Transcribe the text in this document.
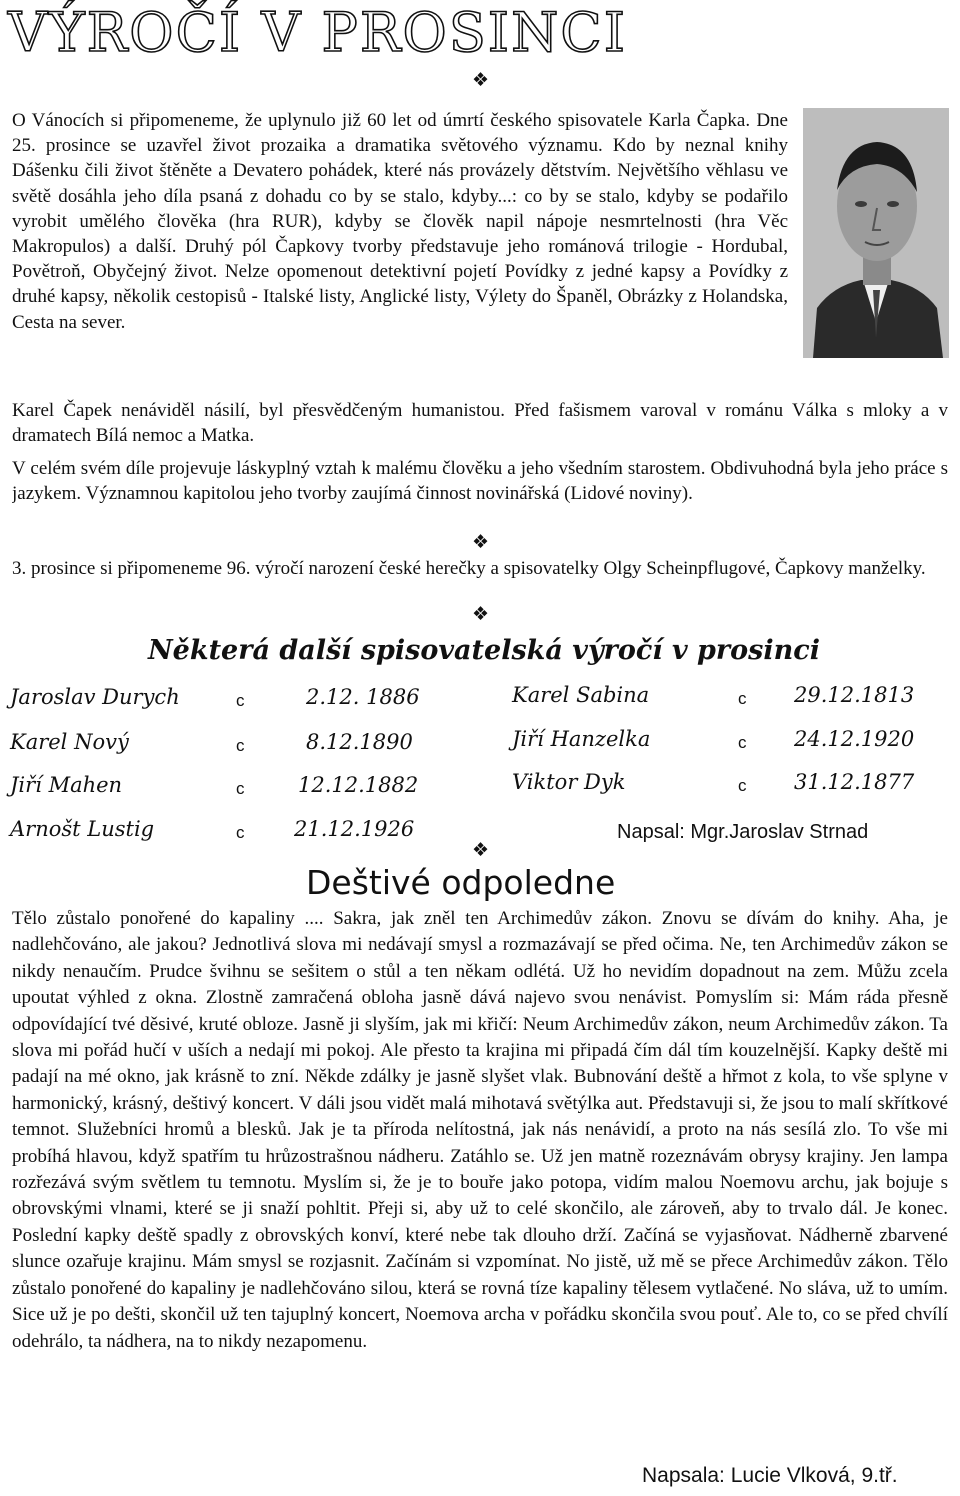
VÝROČÍ V PROSINCI
❖

O Vánocích si připomeneme, že uplynulo již 60 let od úmrtí českého spisovatele Karla Čapka. Dne 25. prosince se uzavřel život prozaika a dramatika světového významu. Kdo by neznal knihy Dášenku čili život štěněte a Devatero pohádek, které nás provázely dětstvím. Největšího věhlasu ve světě dosáhla jeho díla psaná z dohadu co by se stalo, kdyby...: co by se stalo, kdyby se podařilo vyrobit umělého člověka (hra RUR), kdyby se člověk napil nápoje nesmrtelnosti (hra Věc Makropulos) a další. Druhý pól Čapkovy tvorby představuje jeho románová trilogie - Hordubal, Povětroň, Obyčejný život. Nelze opomenout detektivní pojetí Povídky z jedné kapsy a Povídky z druhé kapsy, několik cestopisů - Italské listy, Anglické listy, Výlety do Španěl, Obrázky z Holandska, Cesta na sever.

Karel Čapek nenáviděl násilí, byl přesvědčeným humanistou. Před fašismem varoval v románu Válka s mloky a v dramatech Bílá nemoc a Matka.

V celém svém díle projevuje láskyplný vztah k malému člověku a jeho všedním starostem. Obdivuhodná byla jeho práce s jazykem. Významnou kapitolou jeho tvorby zaujímá činnost novinářská (Lidové noviny).

❖

3. prosince si připomeneme 96. výročí narození české herečky a spisovatelky Olgy Scheinpflugové, Čapkovy manželky.

❖
Některá další spisovatelská výročí v prosinci
Jaroslav Durych	c	2.12. 1886
Karel Nový	c	8.12.1890
Jiří Mahen	c	12.12.1882
Arnošt Lustig	c 21.12.1926
Karel Sabina	c 29.12.1813
Jiří Hanzelka	c 24.12.1920
Viktor Dyk	c 31.12.1877
Napsal: Mgr.Jaroslav Strnad
❖
Deštivé odpoledne

Tělo zůstalo ponořené do kapaliny .... Sakra, jak zněl ten Archimedův zákon. Znovu se dívám do knihy. Aha, je nadlehčováno, ale jakou? Jednotlivá slova mi nedávají smysl a rozmazávají se před očima. Ne, ten Archimedův zákon se nikdy nenaučím. Prudce švihnu se sešitem o stůl a ten někam odlétá. Už ho nevidím dopadnout na zem. Můžu zcela upoutat výhled z okna. Zlostně zamračená obloha jasně dává najevo svou nenávist. Pomyslím si: Mám ráda přesně odpovídající tvé děsivé, kruté obloze. Jasně ji slyším, jak mi křičí: Neum Archimedův zákon, neum Archimedův zákon. Ta slova mi pořád hučí v uších a nedají mi pokoj. Ale přesto ta krajina mi připadá čím dál tím kouzelnější. Kapky deště mi padají na mé okno, jak krásně to zní. Někde zdálky je jasně slyšet vlak. Bubnování deště a hřmot z kola, to vše splyne v harmonický, krásný, deštivý koncert. V dáli jsou vidět malá mihotavá světýlka aut. Představuji si, že jsou to malí skřítkové temnot. Služebníci hromů a blesků. Jak je ta příroda nelítostná, jak nás nenávidí, a proto na nás sesílá zlo. To vše mi probíhá hlavou, když spatřím tu hrůzostrašnou nádheru. Zatáhlo se. Už jen matně rozeznávám obrysy krajiny. Jen lampa rozřezává svým světlem tu temnotu. Myslím si, že je to bouře jako potopa, vidím malou Noemovu archu, jak bojuje s obrovskými vlnami, které se ji snaží pohltit. Přeji si, aby už to celé skončilo, ale zároveň, aby to trvalo dál. Je konec. Poslední kapky deště spadly z obrovských konví, které nebe tak dlouho drží. Začíná se vyjasňovat. Nádherně zbarvené slunce ozařuje krajinu. Mám smysl se rozjasnit. Začínám si vzpomínat. No jistě, už mě se přece Archimedův zákon. Tělo zůstalo ponořené do kapaliny je nadlehčováno silou, která se rovná tíze kapaliny tělesem vytlačené. No slávа, už to umím. Sice už je po dešti, skončil už ten tajuplný koncert, Noemova archa v pořádku skončila svou pouť. Ale to, co se před chvílí odehrálo, ta nádhera, na to nikdy nezapomenu.

Napsala: Lucie Vlková, 9.tř.
